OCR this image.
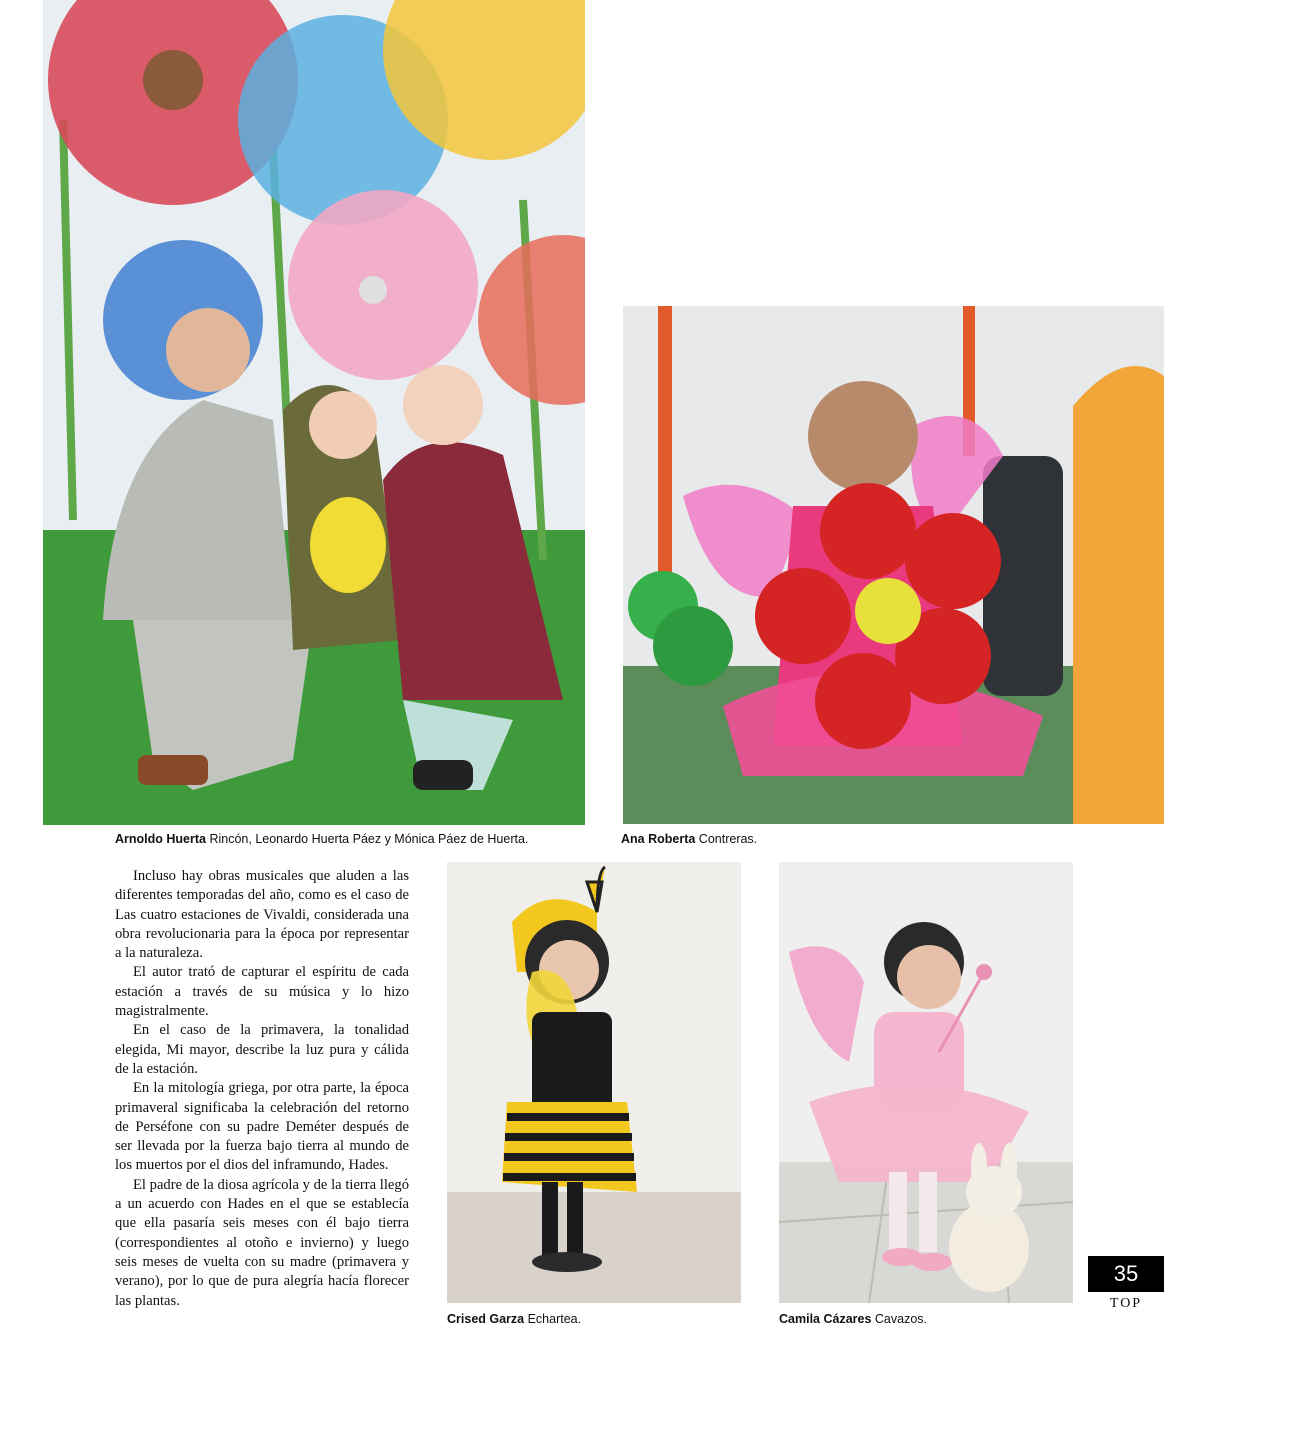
Arnoldo Huerta Rincón, Leonardo Huerta Páez y Mónica Páez de Huerta.	Ana Roberta Contreras.

Incluso hay obras musicales que aluden a las diferentes temporadas del año, como es el caso de Las cuatro estaciones de Vivaldi, considerada una obra revolucionaria para la época por representar a la naturaleza.

El autor trató de capturar el espíritu de cada estación a través de su música y lo hizo magistralmente.

En el caso de la primavera, la tonalidad elegida, Mi mayor, describe la luz pura y cálida de la estación.

En la mitología griega, por otra parte, la época primaveral significaba la celebración del retorno de Perséfone con su padre Deméter después de ser llevada por la fuerza bajo tierra al mundo de los muertos por el dios del inframundo, Hades.

El padre de la diosa agrícola y de la tierra llegó a un acuerdo con Hades en el que se establecía que ella pasaría seis meses con él bajo tierra (correspondientes al otoño e invierno) y luego seis meses de vuelta con su madre (primavera y verano), por lo que de pura alegría hacía florecer las plantas.

Crised Garza Echartea.	Camila Cázares Cavazos.
35
TOP
